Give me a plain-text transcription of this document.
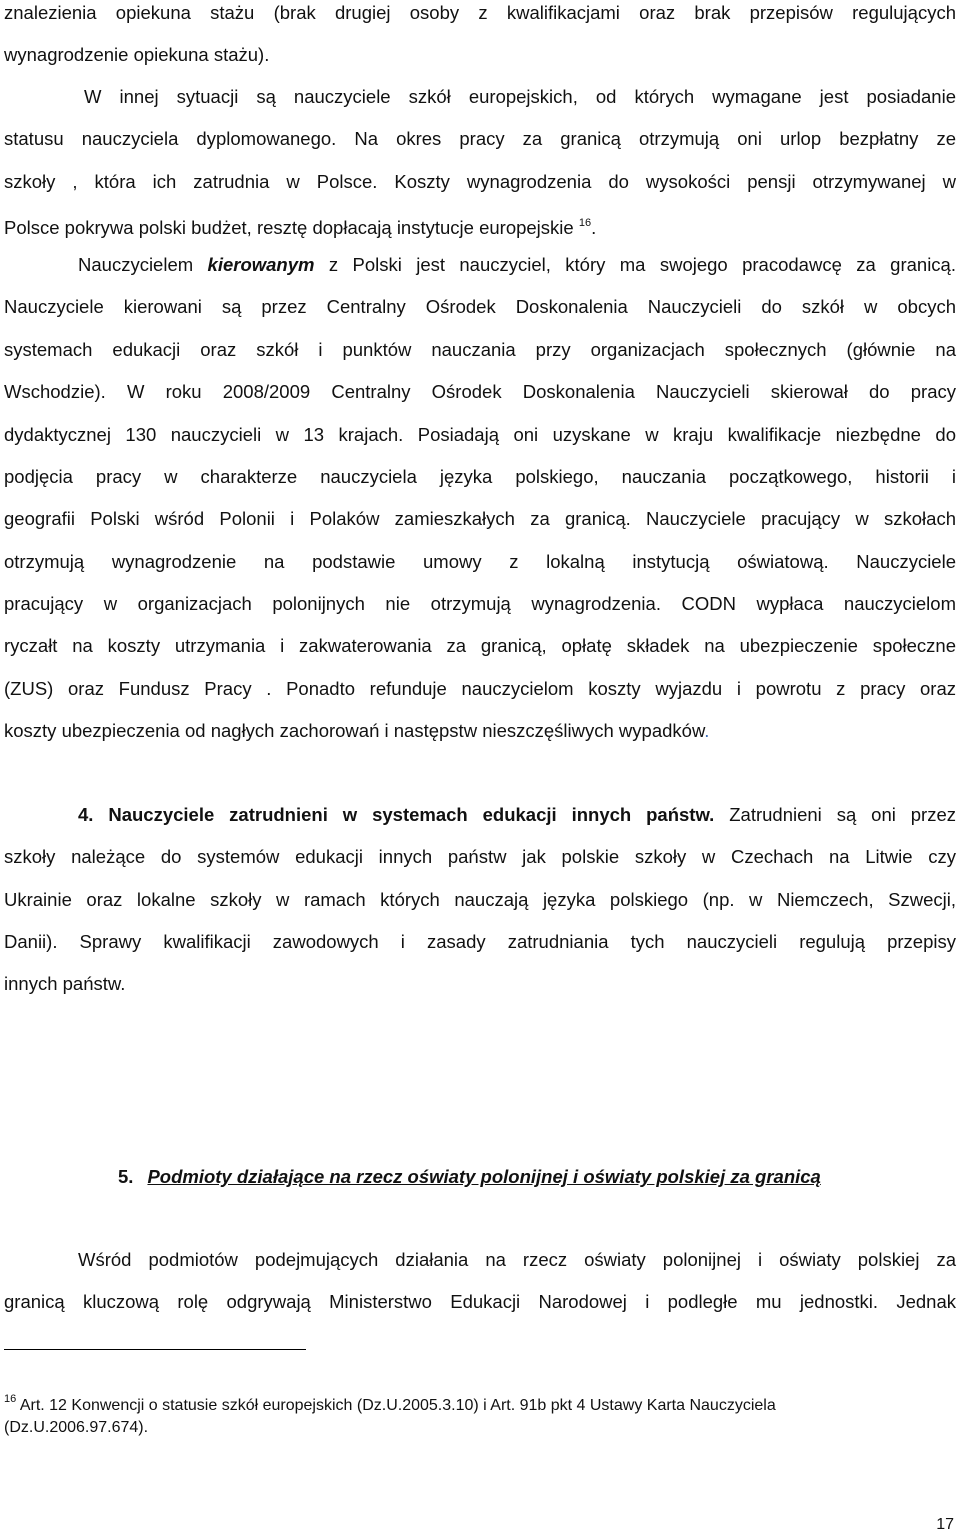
znalezienia opiekuna stażu (brak drugiej osoby z kwalifikacjami oraz brak przepisów regulujących
wynagrodzenie opiekuna stażu).
W innej sytuacji są nauczyciele szkół europejskich, od których wymagane jest posiadanie
statusu nauczyciela dyplomowanego. Na okres pracy za granicą otrzymują oni urlop bezpłatny ze
szkoły , która ich zatrudnia w Polsce. Koszty wynagrodzenia do wysokości pensji otrzymywanej w
Polsce pokrywa polski budżet, resztę dopłacają instytucje europejskie $^{16}$.
Nauczycielem kierowanym z Polski jest nauczyciel, który ma swojego pracodawcę za granicą.
Nauczyciele kierowani są przez Centralny Ośrodek Doskonalenia Nauczycieli do szkół w obcych
systemach edukacji oraz szkół i punktów nauczania przy organizacjach społecznych (głównie na
Wschodzie). W roku 2008/2009 Centralny Ośrodek Doskonalenia Nauczycieli skierował do pracy
dydaktycznej 130 nauczycieli w 13 krajach. Posiadają oni uzyskane w kraju kwalifikacje niezbędne do
podjęcia pracy w charakterze nauczyciela języka polskiego, nauczania początkowego, historii i
geografii Polski wśród Polonii i Polaków zamieszkałych za granicą. Nauczyciele pracujący w szkołach
otrzymują wynagrodzenie na podstawie umowy z lokalną instytucją oświatową. Nauczyciele
pracujący w organizacjach polonijnych nie otrzymują wynagrodzenia. CODN wypłaca nauczycielom
ryczałt na koszty utrzymania i zakwaterowania za granicą, opłatę składek na ubezpieczenie społeczne
(ZUS) oraz Fundusz Pracy . Ponadto refunduje nauczycielom koszty wyjazdu i powrotu z pracy oraz
koszty ubezpieczenia od nagłych zachorowań i następstw nieszczęśliwych wypadków.
4. Nauczyciele zatrudnieni w systemach edukacji innych państw. Zatrudnieni są oni przez
szkoły należące do systemów edukacji innych państw jak polskie szkoły w Czechach na Litwie czy
Ukrainie oraz lokalne szkoły w ramach których nauczają języka polskiego (np. w Niemczech, Szwecji,
Danii). Sprawy kwalifikacji zawodowych i zasady zatrudniania tych nauczycieli regulują przepisy
innych państw.
5. Podmioty działające na rzecz oświaty polonijnej i oświaty polskiej za granicą
Wśród podmiotów podejmujących działania na rzecz oświaty polonijnej i oświaty polskiej za
granicą kluczową rolę odgrywają Ministerstwo Edukacji Narodowej i podległe mu jednostki. Jednak
$^{16}$ Art. 12 Konwencji o statusie szkół europejskich (Dz.U.2005.3.10) i Art. 91b pkt 4 Ustawy Karta Nauczyciela
(Dz.U.2006.97.674).
17
